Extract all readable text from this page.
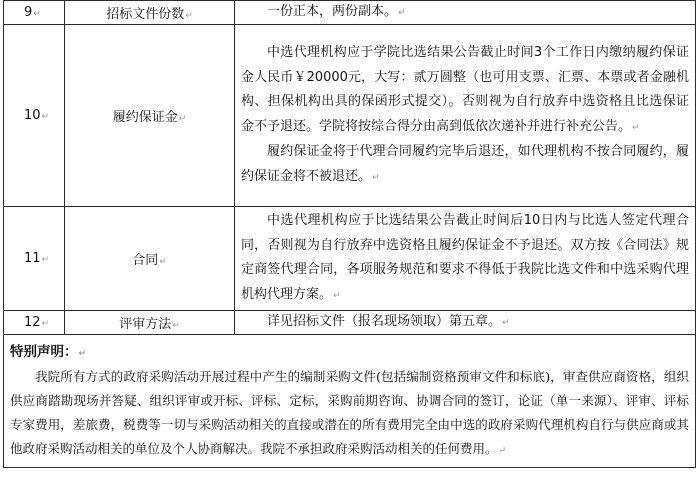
9↵	招标文件份数↵	一份正本，两份副本。↵

10↵	履约保证金↵	中选代理机构应于学院比选结果公告截止时间3个工作日内缴纳履约保证金人民币￥20000元，大写：贰万圆整（也可用支票、汇票、本票或者金融机构、担保机构出具的保函形式提交）。否则视为自行放弃中选资格且比选保证金不予退还。学院将按综合得分由高到低依次递补并进行补充公告。↵

履约保证金将于代理合同履约完毕后退还，如代理机构不按合同履约，履约保证金将不被退还。↵

11↵	合同↵	中选代理机构应于比选结果公告截止时间后10日内与比选人签定代理合同，否则视为自行放弃中选资格且履约保证金不予退还。双方按《合同法》规定商签代理合同，各项服务规范和要求不得低于我院比选文件和中选采购代理机构代理方案。↵

12↵	评审方法↵	详见招标文件（报名现场领取）第五章。↵

特别声明：↵
我院所有方式的政府采购活动开展过程中产生的编制采购文件(包括编制资格预审文件和标底)，审查供应商资格，组织供应商踏勘现场并答疑、组织评审或开标、评标、定标，采购前期咨询、协调合同的签订，论证（单一来源）、评审、评标专家费用，差旅费，税费等一切与采购活动相关的直接或潜在的所有费用完全由中选的政府采购代理机构自行与供应商或其他政府采购活动相关的单位及个人协商解决。我院不承担政府采购活动相关的任何费用。↵		
